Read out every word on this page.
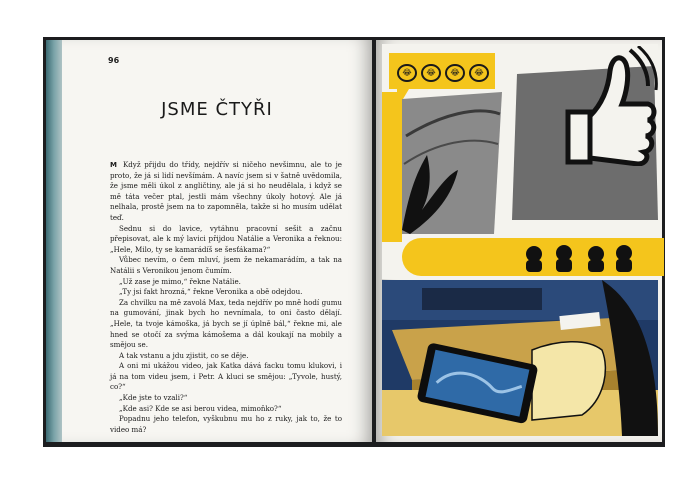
96
JSME ČTYŘI

M Když přijdu do třídy, nejdřív si ničeho nevšimnu, ale to je proto, že já si lidí nevšímám. A navíc jsem si v šatně uvědomila, že jsme měli úkol z angličtiny, ale já si ho neudělala, i když se mě táta večer ptal, jestli mám všechny úkoly hotový. Ale já nelhala, prostě jsem na to zapomněla, takže si ho musím udělat teď.

Sednu si do lavice, vytáhnu pracovní sešit a začnu přepisovat, ale k mý lavici přijdou Natálie a Veronika a řeknou: „Hele, Milo, ty se kamarádíš se šesťákama?“

Vůbec nevím, o čem mluví, jsem že nekamarádím, a tak na Natálii s Veronikou jenom čumím.

„Už zase je mimo,“ řekne Natálie.

„Ty jsi fakt hrozná,“ řekne Veronika a obě odejdou.

Za chvilku na mě zavolá Max, teda nejdřív po mně hodí gumu na gumování, jinak bych ho nevnímala, to oni často dělají. „Hele, ta tvoje kámoška, já bych se jí úplně bál,“ řekne mi, ale hned se otočí za svýma kámošema a dál koukají na mobily a smějou se.

A tak vstanu a jdu zjistit, co se děje.

A oni mi ukážou video, jak Katka dává facku tomu klukovi, i já na tom videu jsem, i Petr. A kluci se smějou: „Tyvole, hustý, co?“

„Kde jste to vzali?“

„Kde asi? Kde se asi berou videa, mimoňko?“

Popadnu jeho telefon, vyškubnu mu ho z ruky, jak to, že to video má?

😂	😂	😂	😂
